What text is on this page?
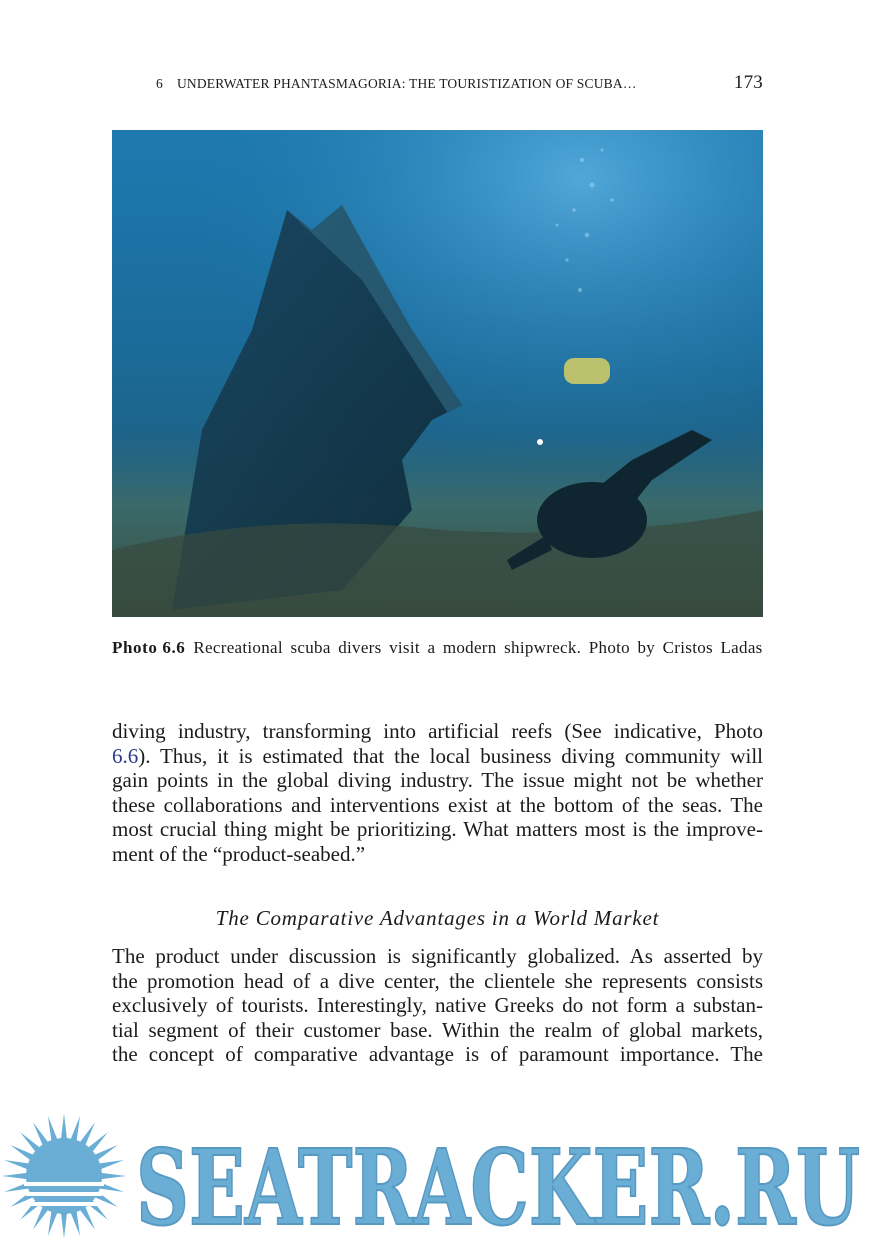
6 UNDERWATER PHANTASMAGORIA: THE TOURISTIZATION OF SCUBA…	173
Photo 6.6 Recreational scuba divers visit a modern shipwreck. Photo by Cristos Ladas
diving industry, transforming into artificial reefs (See indicative, Photo
6.6). Thus, it is estimated that the local business diving community will
gain points in the global diving industry. The issue might not be whether
these collaborations and interventions exist at the bottom of the seas. The
most crucial thing might be prioritizing. What matters most is the improve-
ment of the “product-seabed.”
The Comparative Advantages in a World Market
The product under discussion is significantly globalized. As asserted by
the promotion head of a dive center, the clientele she represents consists
exclusively of tourists. Interestingly, native Greeks do not form a substan-
tial segment of their customer base. Within the realm of global markets,
the concept of comparative advantage is of paramount importance. The
SEATRACKER.RU
